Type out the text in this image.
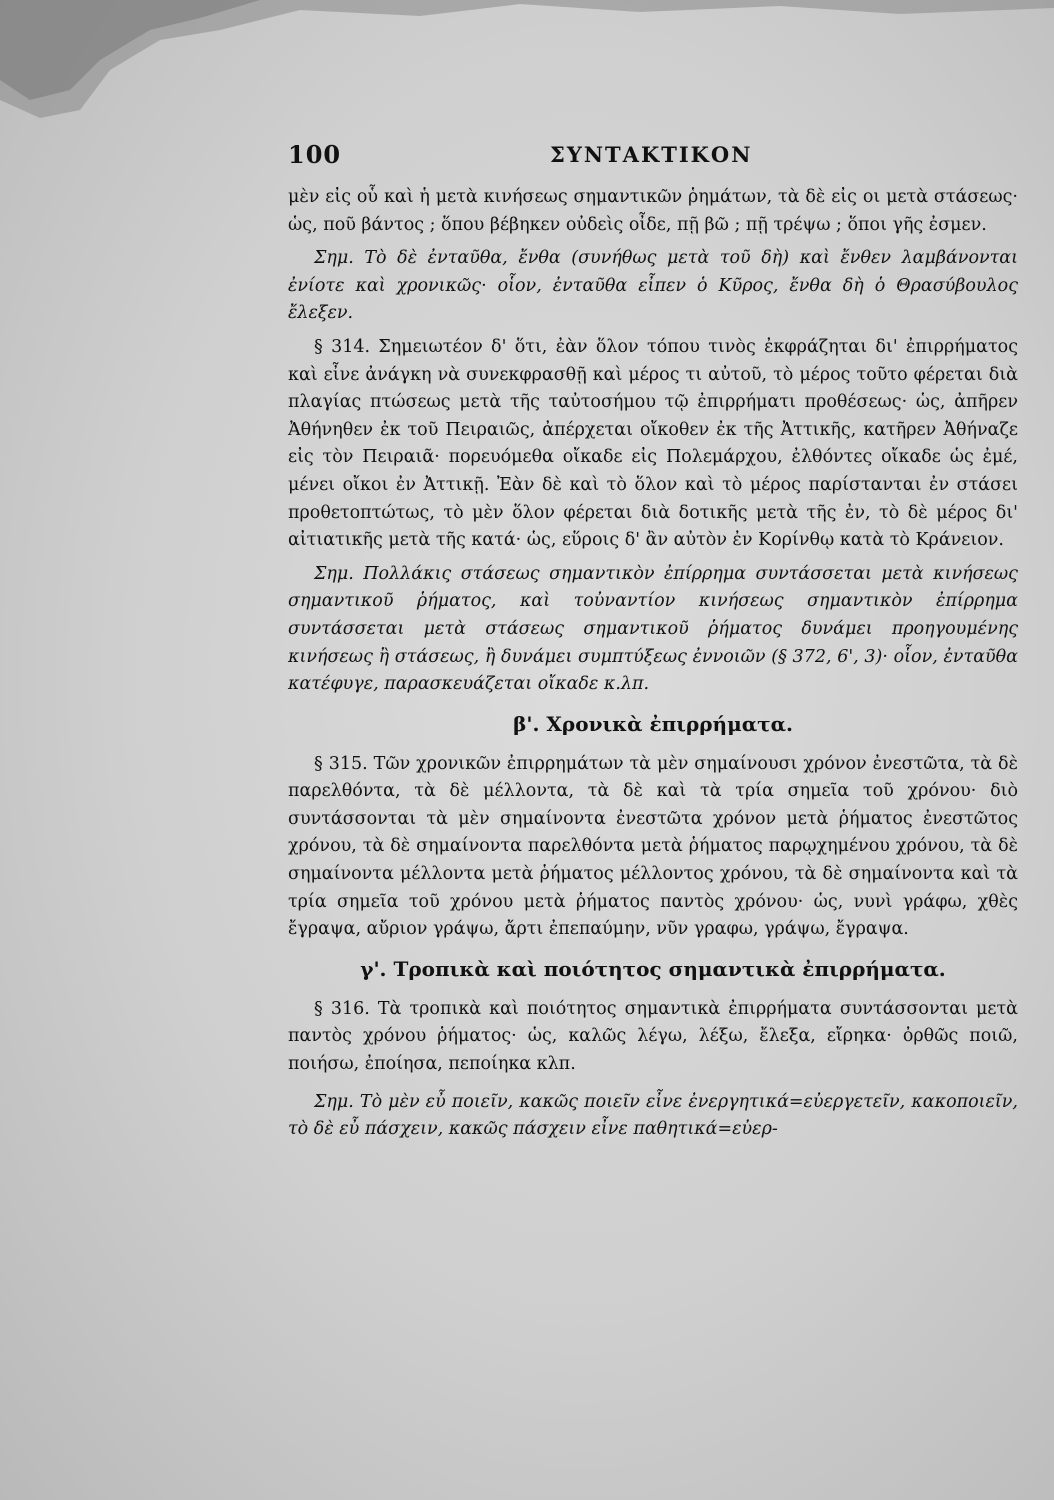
100	ΣΥΝΤΑΚΤΙΚΟΝ

μὲν εἰς οὗ καὶ ἡ μετὰ κινήσεως σημαντικῶν ῥημάτων, τὰ δὲ εἰς οι μετὰ στάσεως· ὡς, ποῦ βάντος ; ὅπου βέβηκεν οὐδεὶς οἶδε, πῇ βῶ ; πῇ τρέψω ; ὅποι γῆς ἐσμεν.

Σημ. Τὸ δὲ ἐνταῦθα, ἔνθα (συνήθως μετὰ τοῦ δὴ) καὶ ἔνθεν λαμβάνονται ἐνίοτε καὶ χρονικῶς· οἷον, ἐνταῦθα εἶπεν ὁ Κῦρος, ἔνθα δὴ ὁ Θρασύβουλος ἔλεξεν.

§ 314. Σημειωτέον δ' ὅτι, ἐὰν ὅλον τόπου τινὸς ἐκφράζηται δι' ἐπιρρήματος καὶ εἶνε ἀνάγκη νὰ συνεκφρασθῇ καὶ μέρος τι αὐτοῦ, τὸ μέρος τοῦτο φέρεται διὰ πλαγίας πτώσεως μετὰ τῆς ταὐτοσήμου τῷ ἐπιρρήματι προθέσεως· ὡς, ἀπῆρεν Ἀθήνηθεν ἐκ τοῦ Πειραιῶς, ἀπέρχεται οἴκοθεν ἐκ τῆς Ἀττικῆς, κατῆρεν Ἀθήναζε εἰς τὸν Πειραιᾶ· πορευόμεθα οἴκαδε εἰς Πολεμάρχου, ἐλθόντες οἴκαδε ὡς ἐμέ, μένει οἴκοι ἐν Ἀττικῇ. Ἐὰν δὲ καὶ τὸ ὅλον καὶ τὸ μέρος παρίστανται ἐν στάσει προθετοπτώτως, τὸ μὲν ὅλον φέρεται διὰ δοτικῆς μετὰ τῆς ἐν, τὸ δὲ μέρος δι' αἰτιατικῆς μετὰ τῆς κατά· ὡς, εὕροις δ' ἂν αὐτὸν ἐν Κορίνθῳ κατὰ τὸ Κράνειον.

Σημ. Πολλάκις στάσεως σημαντικὸν ἐπίρρημα συντάσσεται μετὰ κινήσεως σημαντικοῦ ῥήματος, καὶ τοὐναντίον κινήσεως σημαντικὸν ἐπίρρημα συντάσσεται μετὰ στάσεως σημαντικοῦ ῥήματος δυνάμει προηγουμένης κινήσεως ἢ στάσεως, ἢ δυνάμει συμπτύξεως ἐννοιῶν (§ 372, 6', 3)· οἷον, ἐνταῦθα κατέφυγε, παρασκευάζεται οἴκαδε κ.λπ.

β'. Χρονικὰ ἐπιρρήματα.

§ 315. Τῶν χρονικῶν ἐπιρρημάτων τὰ μὲν σημαίνουσι χρόνον ἐνεστῶτα, τὰ δὲ παρελθόντα, τὰ δὲ μέλλοντα, τὰ δὲ καὶ τὰ τρία σημεῖα τοῦ χρόνου· διὸ συντάσσονται τὰ μὲν σημαίνοντα ἐνεστῶτα χρόνον μετὰ ῥήματος ἐνεστῶτος χρόνου, τὰ δὲ σημαίνοντα παρελθόντα μετὰ ῥήματος παρῳχημένου χρόνου, τὰ δὲ σημαίνοντα μέλλοντα μετὰ ῥήματος μέλλοντος χρόνου, τὰ δὲ σημαίνοντα καὶ τὰ τρία σημεῖα τοῦ χρόνου μετὰ ῥήματος παντὸς χρόνου· ὡς, νυνὶ γράφω, χθὲς ἔγραψα, αὔριον γράψω, ἄρτι ἐπεπαύμην, νῦν γραφω, γράψω, ἔγραψα.

γ'. Τροπικὰ καὶ ποιότητος σημαντικὰ ἐπιρρήματα.

§ 316. Τὰ τροπικὰ καὶ ποιότητος σημαντικὰ ἐπιρρήματα συντάσσονται μετὰ παντὸς χρόνου ῥήματος· ὡς, καλῶς λέγω, λέξω, ἔλεξα, εἴρηκα· ὀρθῶς ποιῶ, ποιήσω, ἐποίησα, πεποίηκα κλπ.

Σημ. Τὸ μὲν εὖ ποιεῖν, κακῶς ποιεῖν εἶνε ἐνεργητικά=εὐεργετεῖν, κακοποιεῖν, τὸ δὲ εὖ πάσχειν, κακῶς πάσχειν εἶνε παθητικά=εὐερ-
